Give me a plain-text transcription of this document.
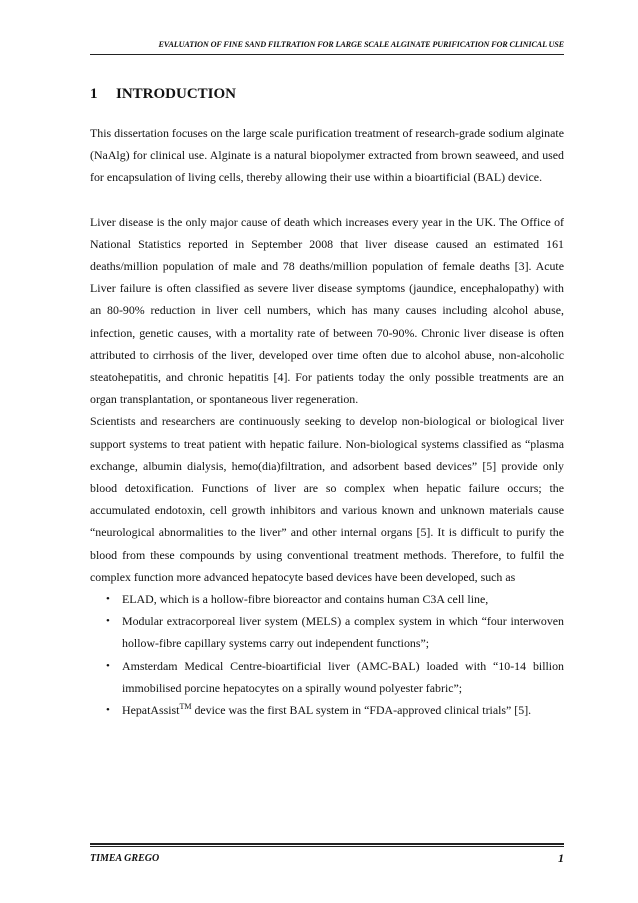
EVALUATION OF FINE SAND FILTRATION FOR LARGE SCALE ALGINATE PURIFICATION FOR CLINICAL USE
1 INTRODUCTION

This dissertation focuses on the large scale purification treatment of research-grade sodium alginate (NaAlg) for clinical use. Alginate is a natural biopolymer extracted from brown seaweed, and used for encapsulation of living cells, thereby allowing their use within a bioartificial (BAL) device.

Liver disease is the only major cause of death which increases every year in the UK. The Office of National Statistics reported in September 2008 that liver disease caused an estimated 161 deaths/million population of male and 78 deaths/million population of female deaths [3]. Acute Liver failure is often classified as severe liver disease symptoms (jaundice, encephalopathy) with an 80-90% reduction in liver cell numbers, which has many causes including alcohol abuse, infection, genetic causes, with a mortality rate of between 70-90%. Chronic liver disease is often attributed to cirrhosis of the liver, developed over time often due to alcohol abuse, non-alcoholic steatohepatitis, and chronic hepatitis [4]. For patients today the only possible treatments are an organ transplantation, or spontaneous liver regeneration.

Scientists and researchers are continuously seeking to develop non-biological or biological liver support systems to treat patient with hepatic failure. Non-biological systems classified as “plasma exchange, albumin dialysis, hemo(dia)filtration, and adsorbent based devices” [5] provide only blood detoxification. Functions of liver are so complex when hepatic failure occurs; the accumulated endotoxin, cell growth inhibitors and various known and unknown materials cause “neurological abnormalities to the liver” and other internal organs [5]. It is difficult to purify the blood from these compounds by using conventional treatment methods. Therefore, to fulfil the complex function more advanced hepatocyte based devices have been developed, such as

• ELAD, which is a hollow-fibre bioreactor and contains human C3A cell line,
• Modular extracorporeal liver system (MELS) a complex system in which “four interwoven hollow-fibre capillary systems carry out independent functions”;
• Amsterdam Medical Centre-bioartificial liver (AMC-BAL) loaded with “10-14 billion immobilised porcine hepatocytes on a spirally wound polyester fabric”;
• HepatAssist™ device was the first BAL system in “FDA-approved clinical trials” [5].
TIMEA GREGO	1
